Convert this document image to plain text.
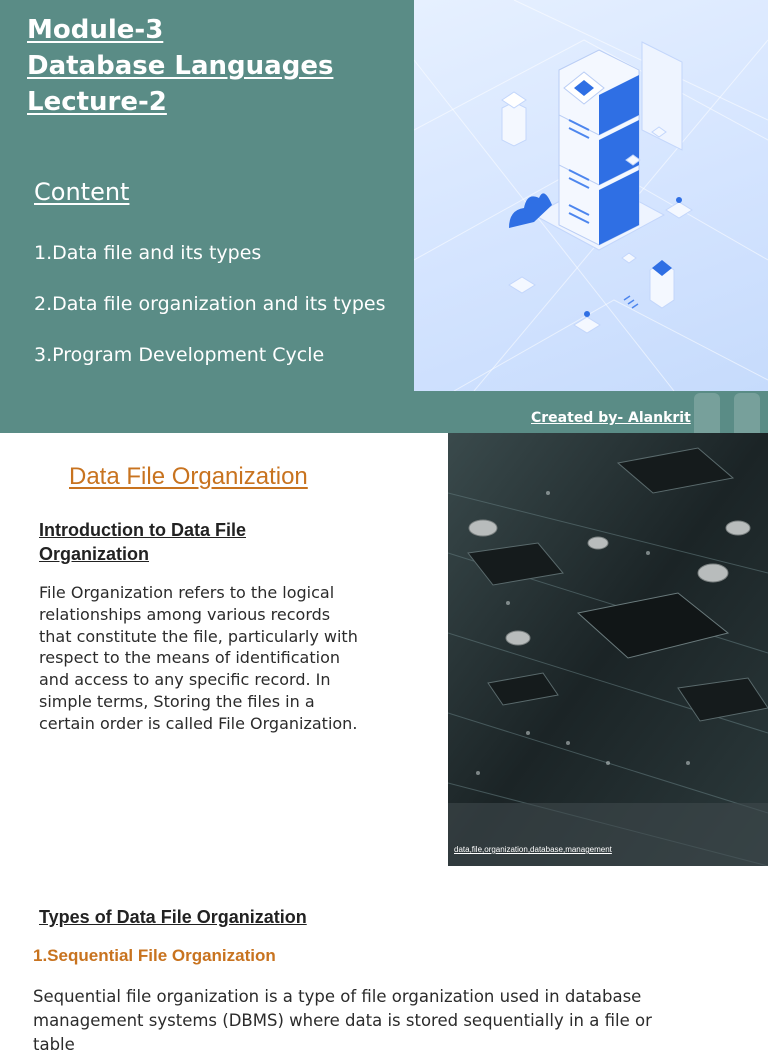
Module-3
Database Languages
Lecture-2
Content
1.Data file and its types
2.Data file organization and its types
3.Program Development Cycle
Created by- Alankrit
Data File Organization
Introduction to Data File Organization
File Organization refers to the logical relationships among various records that constitute the file, particularly with respect to the means of identification and access to any specific record. In simple terms, Storing the files in a certain order is called File Organization.
data,file,organization,database,management
Types of Data File Organization
1.Sequential File Organization
Sequential file organization is a type of file organization used in database management systems (DBMS) where data is stored sequentially in a file or table
